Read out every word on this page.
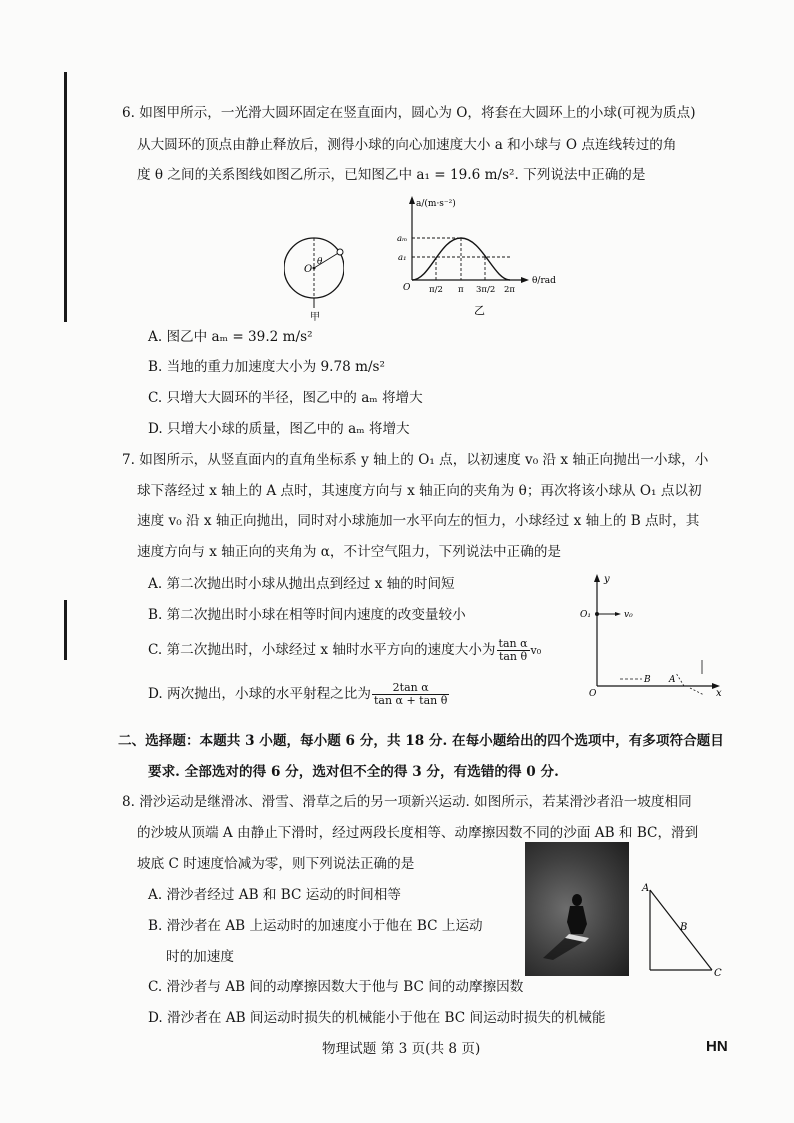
6. 如图甲所示，一光滑大圆环固定在竖直面内，圆心为 O，将套在大圆环上的小球(可视为质点)
从大圆环的顶点由静止释放后，测得小球的向心加速度大小 a 和小球与 O 点连线转过的角
度 θ 之间的关系图线如图乙所示，已知图乙中 a₁ = 19.6 m/s². 下列说法中正确的是
O
θ
甲
a/(m·s⁻²)
θ/rad
O
aₘ
a₁
π/2 π 3π/2 2π
乙
A. 图乙中 aₘ = 39.2 m/s²
B. 当地的重力加速度大小为 9.78 m/s²
C. 只增大大圆环的半径，图乙中的 aₘ 将增大
D. 只增大小球的质量，图乙中的 aₘ 将增大
7. 如图所示，从竖直面内的直角坐标系 y 轴上的 O₁ 点，以初速度 v₀ 沿 x 轴正向抛出一小球，小
球下落经过 x 轴上的 A 点时，其速度方向与 x 轴正向的夹角为 θ；再次将该小球从 O₁ 点以初
速度 v₀ 沿 x 轴正向抛出，同时对小球施加一水平向左的恒力，小球经过 x 轴上的 B 点时，其
速度方向与 x 轴正向的夹角为 α，不计空气阻力，下列说法中正确的是
A. 第二次抛出时小球从抛出点到经过 x 轴的时间短
B. 第二次抛出时小球在相等时间内速度的改变量较小
C. 第二次抛出时，小球经过 x 轴时水平方向的速度大小为 $\frac{\text{tan α}}{\text{tan θ}} v_0$
D. 两次抛出，小球的水平射程之比为 $\frac{\text{2tan α}}{\text{tan α + tan θ}}$
y
O₁	v₀
O
B A
x
二、选择题：本题共 3 小题，每小题 6 分，共 18 分. 在每小题给出的四个选项中，有多项符合题目
要求. 全部选对的得 6 分，选对但不全的得 3 分，有选错的得 0 分.
8. 滑沙运动是继滑冰、滑雪、滑草之后的另一项新兴运动. 如图所示，若某滑沙者沿一坡度相同
的沙坡从顶端 A 由静止下滑时，经过两段长度相等、动摩擦因数不同的沙面 AB 和 BC，滑到
坡底 C 时速度恰减为零，则下列说法正确的是
A. 滑沙者经过 AB 和 BC 运动的时间相等
B. 滑沙者在 AB 上运动时的加速度小于他在 BC 上运动
时的加速度
C. 滑沙者与 AB 间的动摩擦因数大于他与 BC 间的动摩擦因数
D. 滑沙者在 AB 间运动时损失的机械能小于他在 BC 间运动时损失的机械能
A
B
C
物理试题 第 3 页(共 8 页)	HN
